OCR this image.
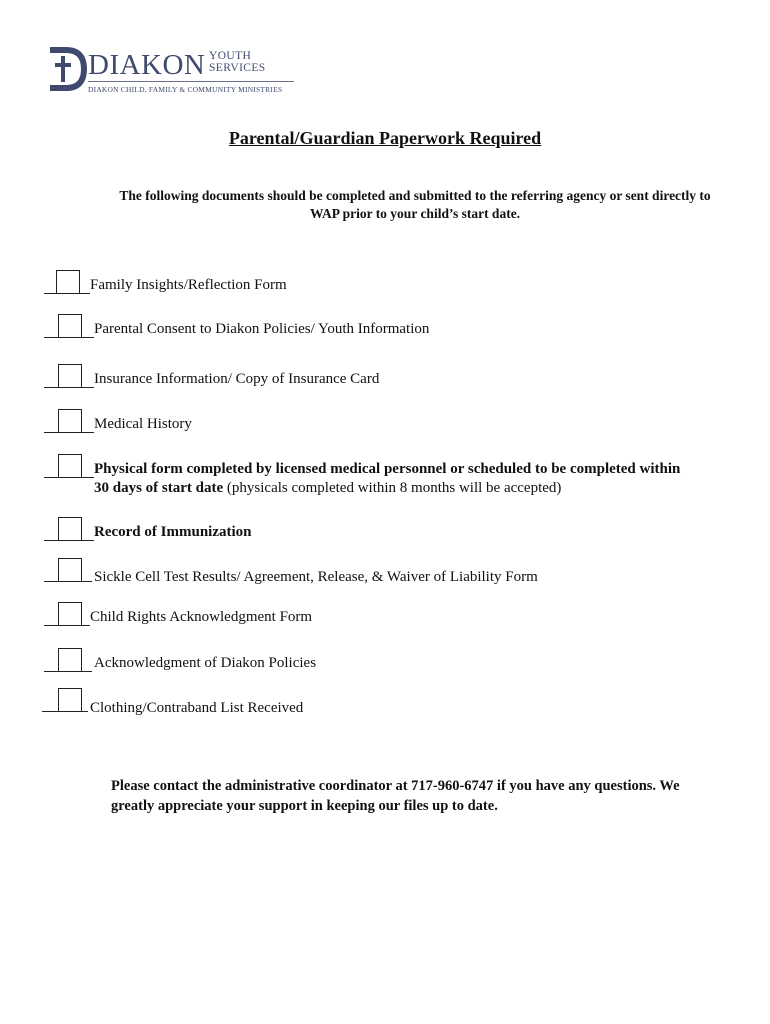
DIAKON YOUTH
SERVICES
DIAKON CHILD, FAMILY & COMMUNITY MINISTRIES
Parental/Guardian Paperwork Required
The following documents should be completed and submitted to the referring agency or sent directly to WAP prior to your child’s start date.
Family Insights/Reflection Form
Parental Consent to Diakon Policies/ Youth Information
Insurance Information/ Copy of Insurance Card
Medical History
Physical form completed by licensed medical personnel or scheduled to be completed within
30 days of start date (physicals completed within 8 months will be accepted)
Record of Immunization
Sickle Cell Test Results/ Agreement, Release, & Waiver of Liability Form
Child Rights Acknowledgment Form
Acknowledgment of Diakon Policies
Clothing/Contraband List Received
Please contact the administrative coordinator at 717-960-6747 if you have any questions. We greatly appreciate your support in keeping our files up to date.
